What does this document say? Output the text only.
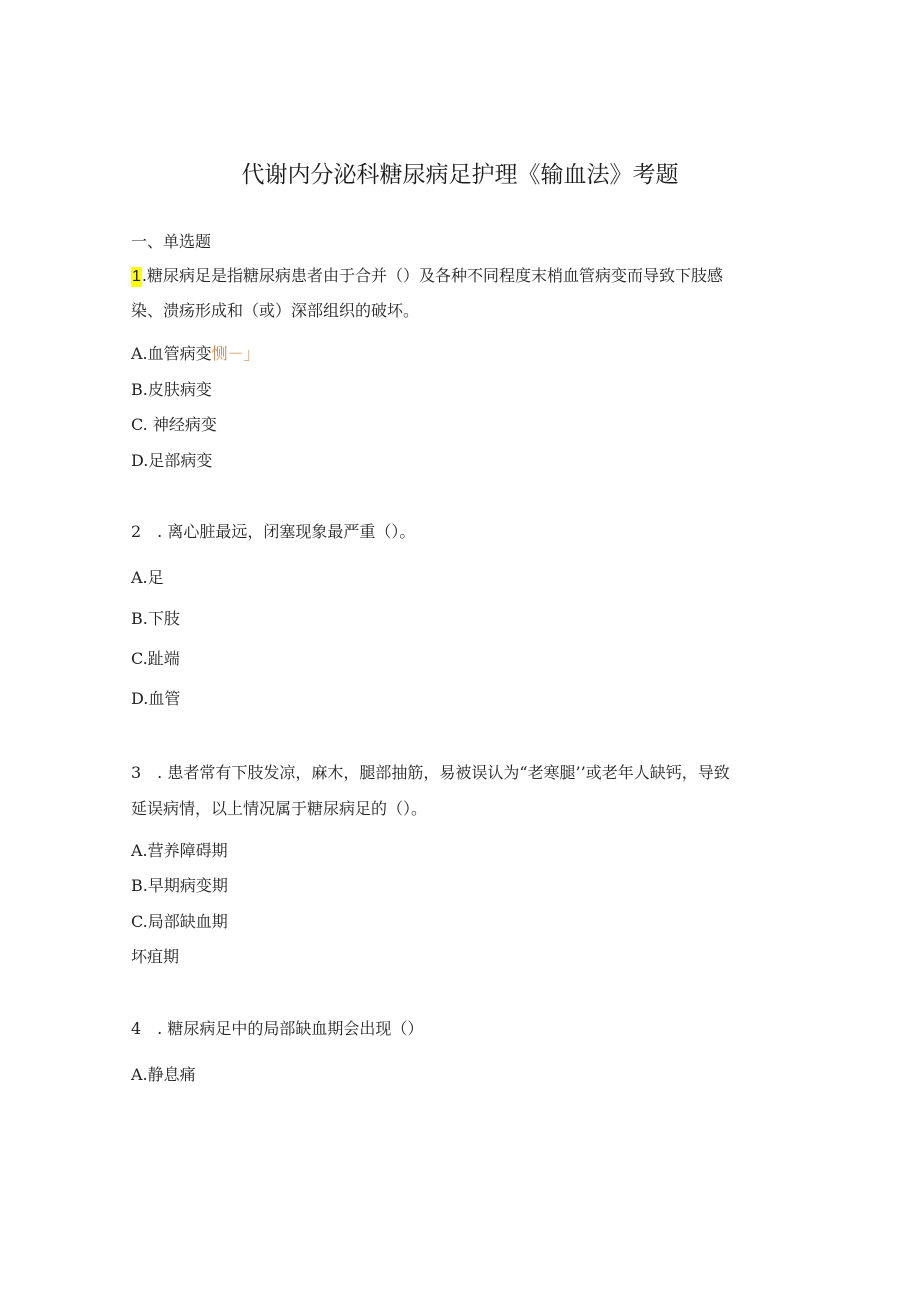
代谢内分泌科糖尿病足护理《输血法》考题
一、单选题
1.糖尿病足是指糖尿病患者由于合并（）及各种不同程度末梢血管病变而导致下肢感
染、溃疡形成和（或）深部组织的破坏。
A.血管病变恻－」
B.皮肤病变
C. 神经病变
D.足部病变
2　. 离心脏最远，闭塞现象最严重（）。
A.足
B.下肢
C.趾端
D.血管
3　. 患者常有下肢发凉，麻木，腿部抽筋，易被误认为“老寒腿’’或老年人缺钙，导致
延误病情，以上情况属于糖尿病足的（）。
A.营养障碍期
B.早期病变期
C.局部缺血期
坏疽期
4　. 糖尿病足中的局部缺血期会出现（）
A.静息痛
